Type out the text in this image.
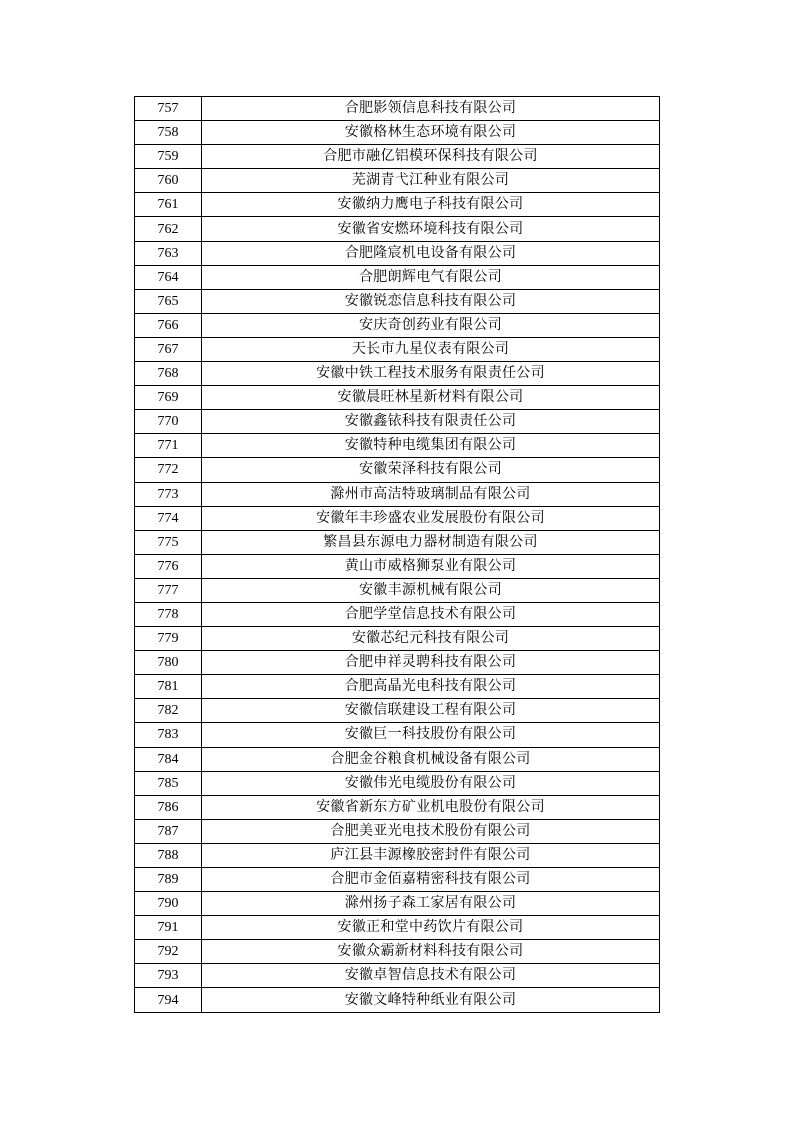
757	合肥影领信息科技有限公司
758	安徽格林生态环境有限公司
759	合肥市融亿铝模环保科技有限公司
760	芜湖青弋江种业有限公司
761	安徽纳力鹰电子科技有限公司
762	安徽省安燃环境科技有限公司
763	合肥隆宸机电设备有限公司
764	合肥朗辉电气有限公司
765	安徽锐恋信息科技有限公司
766	安庆奇创药业有限公司
767	天长市九星仪表有限公司
768	安徽中铁工程技术服务有限责任公司
769	安徽晨旺林星新材料有限公司
770	安徽鑫铱科技有限责任公司
771	安徽特种电缆集团有限公司
772	安徽荣泽科技有限公司
773	滁州市高洁特玻璃制品有限公司
774	安徽年丰珍盛农业发展股份有限公司
775	繁昌县东源电力器材制造有限公司
776	黄山市威格狮泵业有限公司
777	安徽丰源机械有限公司
778	合肥学堂信息技术有限公司
779	安徽芯纪元科技有限公司
780	合肥申祥灵聘科技有限公司
781	合肥高晶光电科技有限公司
782	安徽信联建设工程有限公司
783	安徽巨一科技股份有限公司
784	合肥金谷粮食机械设备有限公司
785	安徽伟光电缆股份有限公司
786	安徽省新东方矿业机电股份有限公司
787	合肥美亚光电技术股份有限公司
788	庐江县丰源橡胶密封件有限公司
789	合肥市金佰嘉精密科技有限公司
790	滁州扬子森工家居有限公司
791	安徽正和堂中药饮片有限公司
792	安徽众霸新材料科技有限公司
793	安徽卓智信息技术有限公司
794	安徽文峰特种纸业有限公司
